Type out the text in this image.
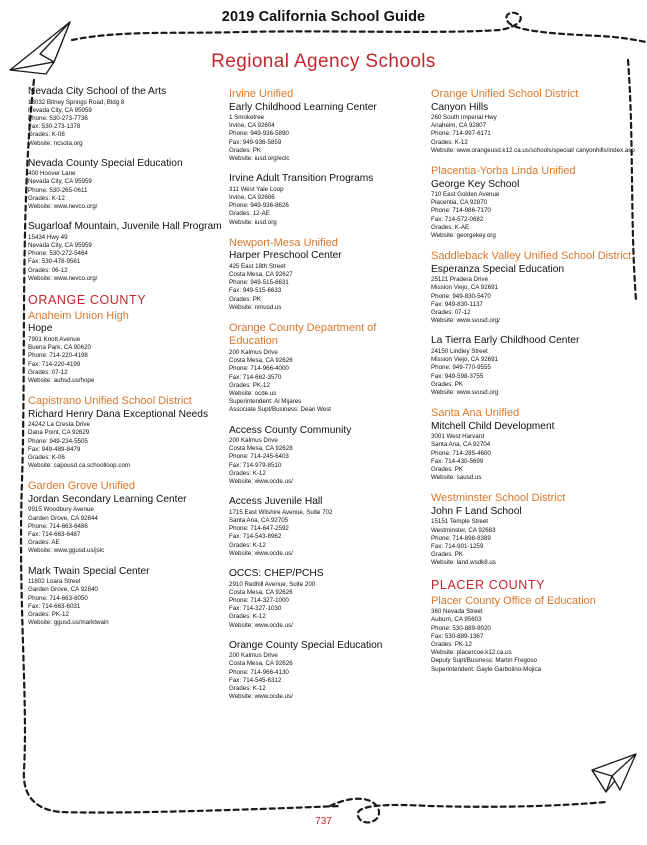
2019 California School Guide
Regional Agency Schools
Nevada City School of the Arts
13032 Bitney Springs Road, Bldg 8
Nevada City, CA 95959
Phone: 530-273-7736
Fax: 530-273-1378
Grades: K-08
Website: ncsota.org
Nevada County Special Education
400 Hoover Lane
Nevada City, CA 95959
Phone: 530-265-0611
Grades: K-12
Website: www.nevco.org/
Sugarloaf Mountain, Juvenile Hall Program
15434 Hwy 49
Nevada City, CA 95959
Phone: 530-272-5464
Fax: 530-478-9561
Grades: 06-12
Website: www.nevco.org/
ORANGE COUNTY
Anaheim Union High
Hope
7901 Knott Avenue
Buena Park, CA 90620
Phone: 714-220-4198
Fax: 714-220-4199
Grades: 07-12
Website: auhsd.us/hope
Capistrano Unified School District
Richard Henry Dana Exceptional Needs
24242 La Cresta Drive
Dana Point, CA 92629
Phone: 949-234-5505
Fax: 949-489-8479
Grades: K-06
Website: capousd.ca.schoolloop.com
Garden Grove Unified
Jordan Secondary Learning Center
9915 Woodbury Avenue
Garden Grove, CA 92844
Phone: 714-663-6486
Fax: 714-663-6487
Grades: AE
Website: www.ggusd.us/jslc
Mark Twain Special Center
11802 Loara Street
Garden Grove, CA 92840
Phone: 714-663-6050
Fax: 714-663-6031
Grades: PK-12
Website: ggusd.us/marktwain
Irvine Unified
Early Childhood Learning Center
1 Smoketree
Irvine, CA 92604
Phone: 949-936-5890
Fax: 949-936-5859
Grades: PK
Website: iusd.org/eclc
Irvine Adult Transition Programs
311 West Yale Loop
Irvine, CA 92606
Phone: 949-936-8626
Grades: 12-AE
Website: iusd.org
Newport-Mesa Unified
Harper Preschool Center
425 East 18th Street
Costa Mesa, CA 92627
Phone: 949-515-6631
Fax: 949-515-6633
Grades: PK
Website: nmusd.us
Orange County Department of Education
200 Kalmus Drive
Costa Mesa, CA 92626
Phone: 714-966-4000
Fax: 714-662-3570
Grades: PK-12
Website: ocde.us
Superintendent: Al Mijares
Associate Supt/Business: Dean West
Access County Community
200 Kalmus Drive
Costa Mesa, CA 92628
Phone: 714-245-6403
Fax: 714-979-8510
Grades: K-12
Website: www.ocde.us/
Access Juvenile Hall
1715 East Wilshire Avenue, Suite 702
Santa Ana, CA 92705
Phone: 714-647-2592
Fax: 714-543-8962
Grades: K-12
Website: www.ocde.us/
OCCS: CHEP/PCHS
2910 Redhill Avenue, Suite 200
Costa Mesa, CA 92626
Phone: 714-327-1000
Fax: 714-327-1030
Grades: K-12
Website: www.ocde.us/
Orange County Special Education
200 Kalmus Drive
Costa Mesa, CA 92626
Phone: 714-966-4130
Fax: 714-545-6312
Grades: K-12
Website: www.ocde.us/
Orange Unified School District
Canyon Hills
260 South Imperial Hwy
Anaheim, CA 92807
Phone: 714-997-6171
Grades: K-12
Website: www.orangeusd.k12.ca.us/schools/special/ canyonhills/index.asp
Placentia-Yorba Linda Unified
George Key School
710 East Golden Avenue
Placentia, CA 92870
Phone: 714-986-7170
Fax: 714-572-0682
Grades: K-AE
Website: georgekey.org
Saddleback Valley Unified School District
Esperanza Special Education
25121 Pradera Drive
Mission Viejo, CA 92691
Phone: 949-830-5470
Fax: 949-830-1137
Grades: 07-12
Website: www.svusd.org/
La Tierra Early Childhood Center
24150 Lindley Street
Mission Viejo, CA 92691
Phone: 949-770-9555
Fax: 949-598-3755
Grades: PK
Website: www.svusd.org
Santa Ana Unified
Mitchell Child Development
3001 West Harvard
Santa Ana, CA 92704
Phone: 714-285-4600
Fax: 714-430-5699
Grades: PK
Website: sausd.us
Westminster School District
John F Land School
15151 Temple Street
Westminster, CA 92683
Phone: 714-898-8389
Fax: 714-901-1259
Grades: PK
Website: land.wsdk8.us
PLACER COUNTY
Placer County Office of Education
360 Nevada Street
Auburn, CA 95603
Phone: 530-889-8020
Fax: 530-889-1367
Grades: PK-12
Website: placercoe.k12.ca.us
Deputy Supt/Business: Martin Fregoso
Superintendent: Gayle Garbolino-Mojica
737
